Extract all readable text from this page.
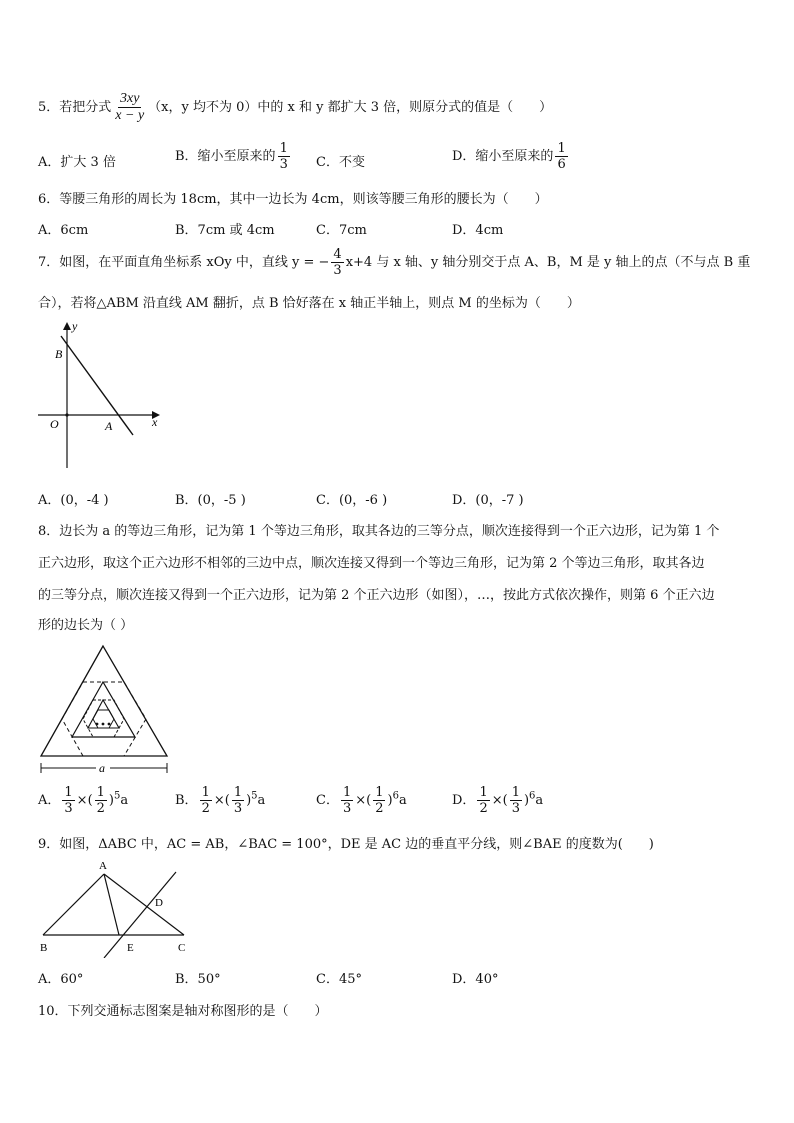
5．若把分式 $\frac{3xy}{x - y} (x$，y 均不为 0）中的 x 和 y 都扩大 3 倍，则原分式的值是（　　）
A．扩大 3 倍	B．缩小至原来的 $\frac{1}{3}$ C．不变	D．缩小至原来的 $\frac{1}{6}$
6．等腰三角形的周长为 18cm，其中一边长为 4cm，则该等腰三角形的腰长为（　　）
A．6cm	B．7cm 或 4cm	C．7cm	D．4cm
7．如图，在平面直角坐标系 xOy 中，直线 y = − $\frac{4}{3} x+4$ 与 x 轴、y 轴分别交于点 A、B，M 是 y 轴上的点（不与点 B 重
合），若将△ABM 沿直线 AM 翻折，点 B 恰好落在 x 轴正半轴上，则点 M 的坐标为（　　）
y
B
O	A	x
A．(0，-4 )	B．(0，-5 )	C．(0，-6 )	D．(0，-7 )
8．边长为 a 的等边三角形，记为第 1 个等边三角形，取其各边的三等分点，顺次连接得到一个正六边形，记为第 1 个
正六边形，取这个正六边形不相邻的三边中点，顺次连接又得到一个等边三角形，记为第 2 个等边三角形，取其各边
的三等分点，顺次连接又得到一个正六边形，记为第 2 个正六边形（如图），…，按此方式依次操作，则第 6 个正六边
形的边长为（ ）
a
A． $\frac{1}{3}$ ×( $\frac{1}{2} )^5a$	B． $\frac{1}{2}$ ×( $\frac{1}{3} )^5a$	C． $\frac{1}{3}$ ×( $\frac{1}{2} )^6a$	D． $\frac{1}{2}$ ×( $\frac{1}{3} )^6a$
9．如图，ΔABC 中，AC = AB，∠BAC = 100°，DE 是 AC 边的垂直平分线，则∠BAE 的度数为(　　)
A
D
B	E	C
A．60°	B．50°	C．45°	D．40°
10．下列交通标志图案是轴对称图形的是（　　）
